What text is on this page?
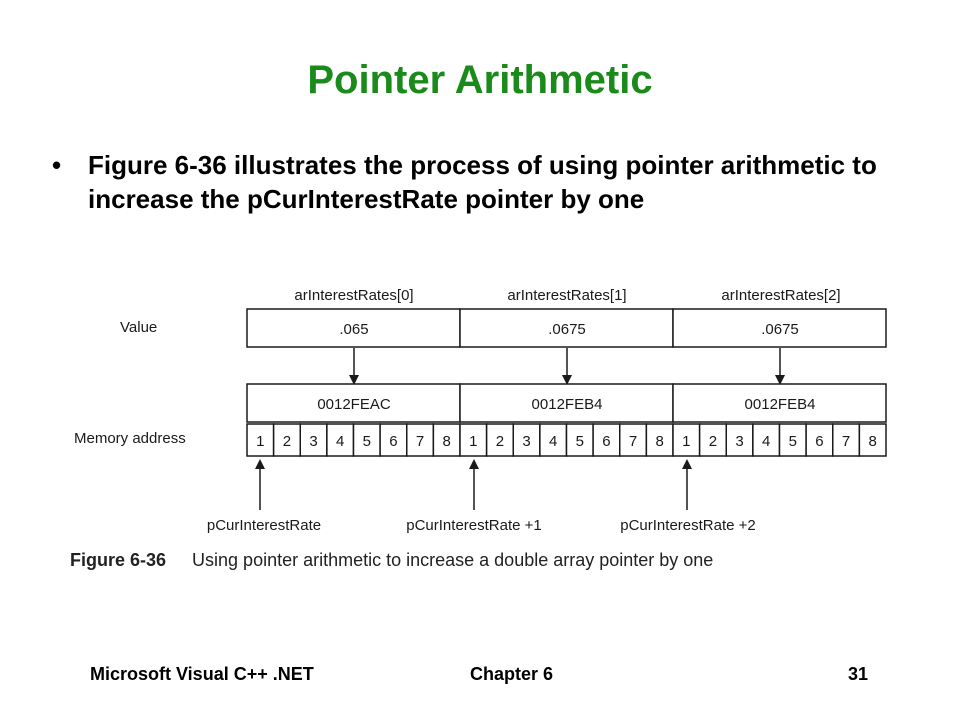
Pointer Arithmetic
• Figure 6-36 illustrates the process of using pointer arithmetic to increase the pCurInterestRate pointer by one
Value
Memory address
arInterestRates[0]	arInterestRates[1]	arInterestRates[2]
.065	.0675	.0675
0012FEAC	0012FEB4	0012FEB4
1 2 3 4 5 6 7 8 1 2 3 4 5 6 7 8 1 2 3 4 5 6 7 8
pCurInterestRate	pCurInterestRate +1	pCurInterestRate +2
Figure 6-36 Using pointer arithmetic to increase a double array pointer by one
Microsoft Visual C++ .NET	Chapter 6	31
